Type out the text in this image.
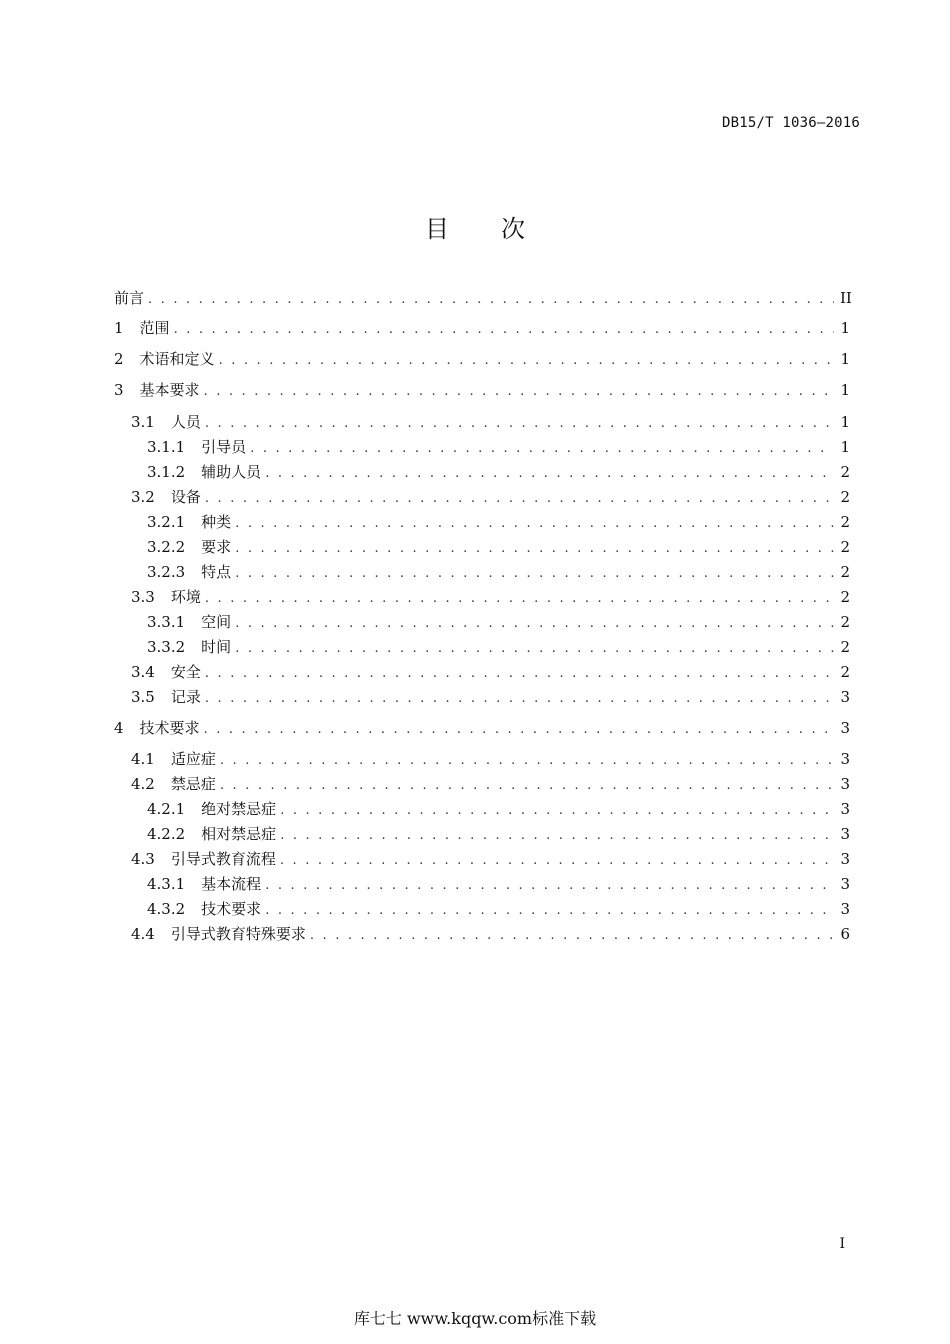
DB15/T 1036—2016
目 次
前言 . . .	II
1	范围 . . .	1
2	术语和定义 . . .	1
3	基本要求 . . .	1
3.1	人员 . . .	1
3.1.1	引导员 . . .	1
3.1.2	辅助人员 . . .	2
3.2	设备 . . .	2
3.2.1	种类 . . .	2
3.2.2	要求 . . .	2
3.2.3	特点 . . .	2
3.3	环境 . . .	2
3.3.1	空间 . . .	2
3.3.2	时间 . . .	2
3.4	安全 . . .	2
3.5	记录 . . .	3
4	技术要求 . . .	3
4.1	适应症 . . .	3
4.2	禁忌症 . . .	3
4.2.1	绝对禁忌症 . . .	3
4.2.2	相对禁忌症 . . .	3
4.3	引导式教育流程 . . .	3
4.3.1	基本流程 . . .	3
4.3.2	技术要求 . . .	3
4.4	引导式教育特殊要求 . . .	6
I
库七七 www.kqqw.com标准下载
